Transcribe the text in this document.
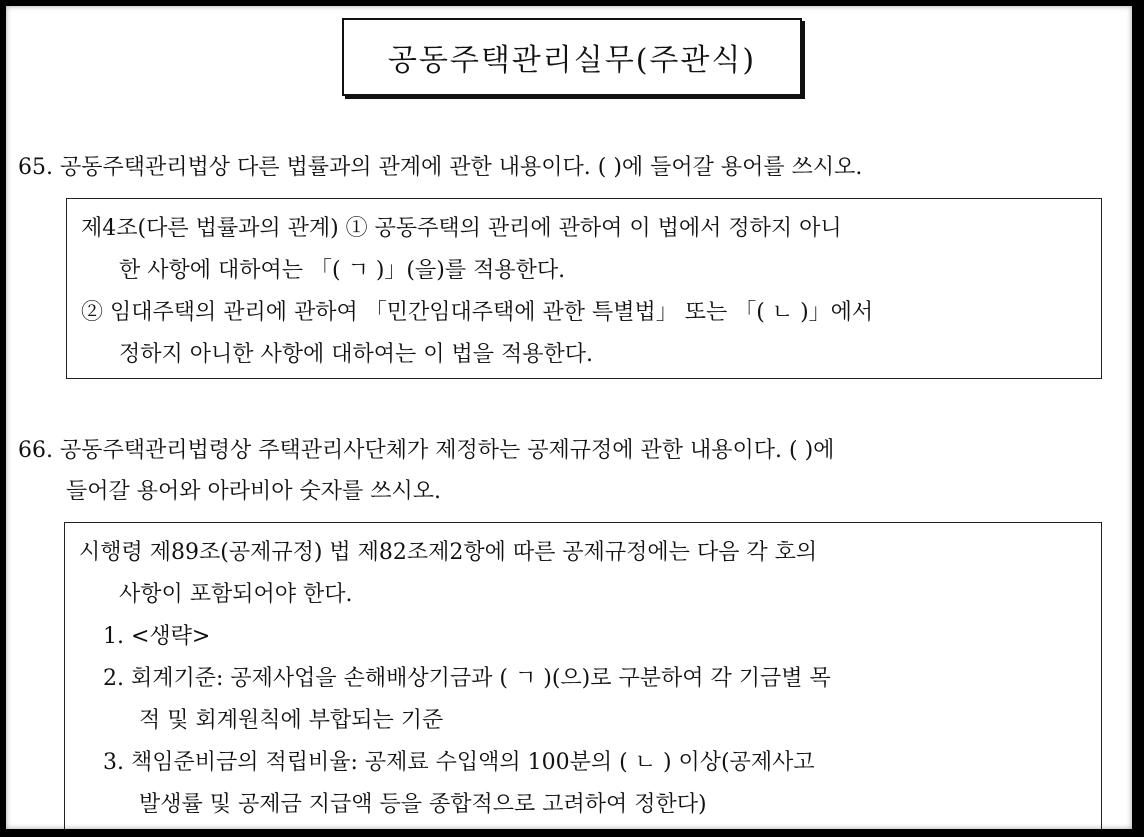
공동주택관리실무(주관식)
65. 공동주택관리법상 다른 법률과의 관계에 관한 내용이다. ( )에 들어갈 용어를 쓰시오.
제4조(다른 법률과의 관계) ① 공동주택의 관리에 관하여 이 법에서 정하지 아니
한 사항에 대하여는 「( ㄱ )」(을)를 적용한다.
② 임대주택의 관리에 관하여 「민간임대주택에 관한 특별법」 또는 「( ㄴ )」에서
정하지 아니한 사항에 대하여는 이 법을 적용한다.
66. 공동주택관리법령상 주택관리사단체가 제정하는 공제규정에 관한 내용이다. ( )에
들어갈 용어와 아라비아 숫자를 쓰시오.
시행령 제89조(공제규정) 법 제82조제2항에 따른 공제규정에는 다음 각 호의
사항이 포함되어야 한다.
1. <생략>
2. 회계기준: 공제사업을 손해배상기금과 ( ㄱ )(으)로 구분하여 각 기금별 목
적 및 회계원칙에 부합되는 기준
3. 책임준비금의 적립비율: 공제료 수입액의 100분의 ( ㄴ ) 이상(공제사고
발생률 및 공제금 지급액 등을 종합적으로 고려하여 정한다)
